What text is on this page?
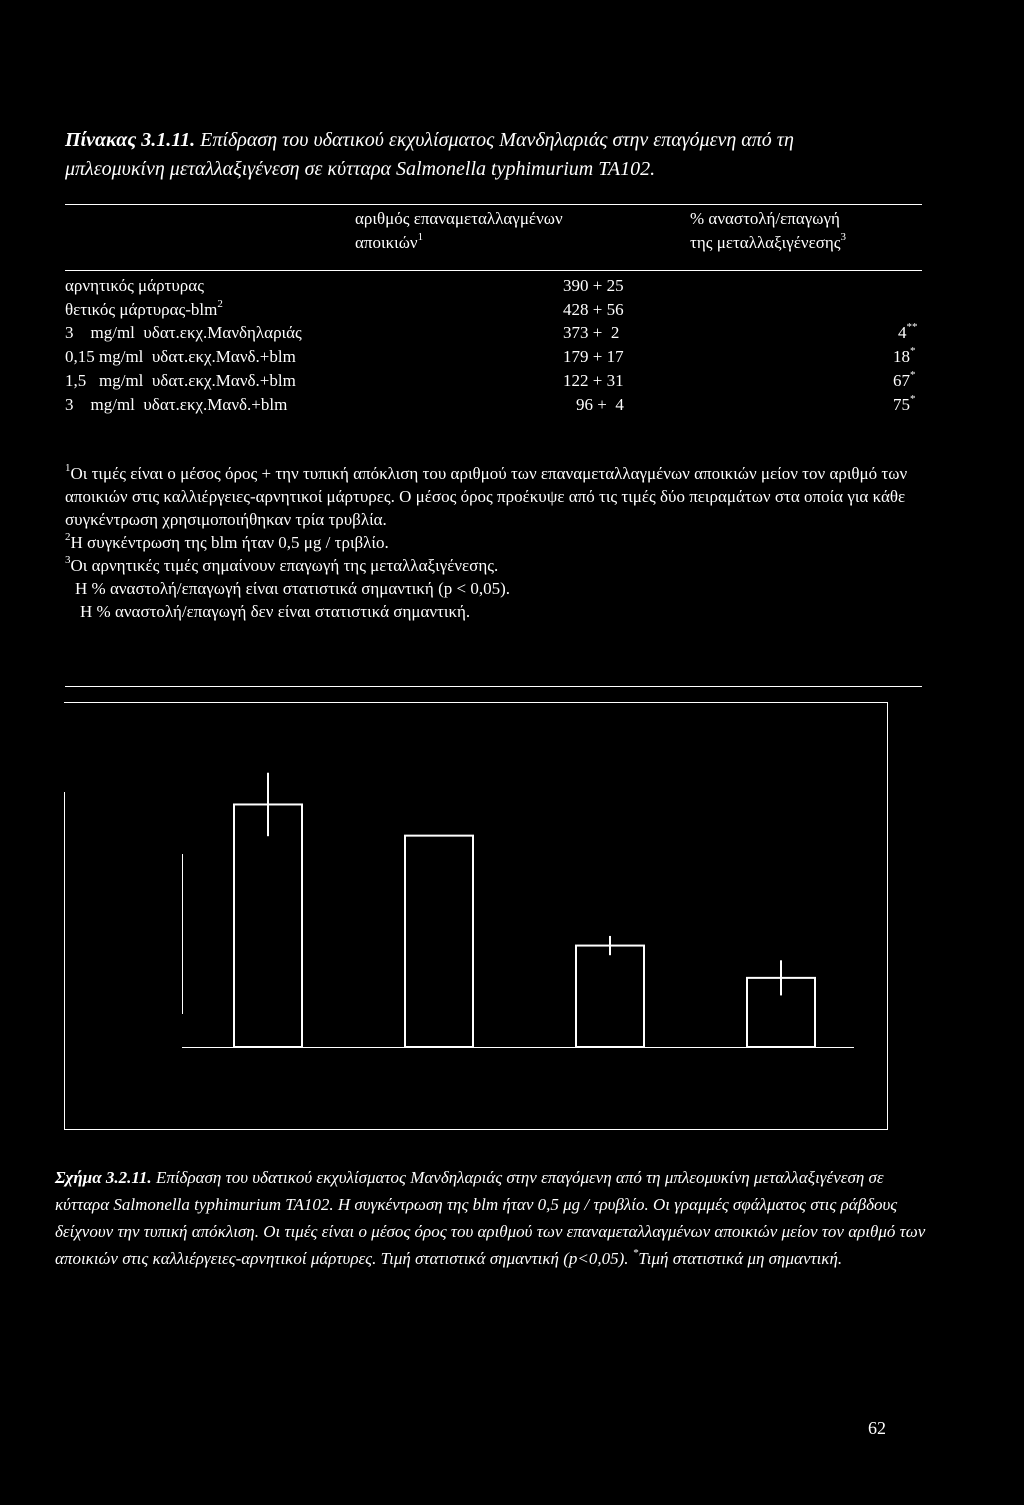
Πίνακας 3.1.11. Επίδραση του υδατικού εκχυλίσματος Μανδηλαριάς στην επαγόμενη από τη
μπλεομυκίνη μεταλλαξιγένεση σε κύτταρα Salmonella typhimurium TA102.
αριθμός επαναμεταλλαγμένων
αποικιών$^1$
% αναστολή/επαγωγή
της μεταλλαξιγένεσης$^3$
αρνητικός μάρτυρας	390 + 25
θετικός μάρτυρας-blm$^2$	428 + 56
3    mg/ml  υδατ.εκχ.Μανδηλαριάς	373 +  2	4**
0,15 mg/ml  υδατ.εκχ.Μανδ.+blm	179 + 17	18*
1,5   mg/ml  υδατ.εκχ.Μανδ.+blm	122 + 31	67*
3    mg/ml  υδατ.εκχ.Μανδ.+blm	96 +  4	75*

$^1$Οι τιμές είναι ο μέσος όρος + την τυπική απόκλιση του αριθμού των επαναμεταλλαγμένων αποικιών μείον τον αριθμό των αποικιών στις καλλιέργειες-αρνητικοί μάρτυρες. Ο μέσος όρος προέκυψε από τις τιμές δύο πειραμάτων στα οποία για κάθε συγκέντρωση χρησιμοποιήθηκαν τρία τρυβλία.

$^2$Η συγκέντρωση της blm ήταν 0,5 μg / τριβλίο.

$^3$Οι αρνητικές τιμές σημαίνουν επαγωγή της μεταλλαξιγένεσης.

Η % αναστολή/επαγωγή είναι στατιστικά σημαντική (p < 0,05).

Η % αναστολή/επαγωγή δεν είναι στατιστικά σημαντική.

Σχήμα 3.2.11. Επίδραση του υδατικού εκχυλίσματος Μανδηλαριάς στην επαγόμενη από τη μπλεομυκίνη μεταλλαξιγένεση σε κύτταρα Salmonella typhimurium TA102. Η συγκέντρωση της blm ήταν 0,5 μg / τρυβλίο. Οι γραμμές σφάλματος στις ράβδους δείχνουν την τυπική απόκλιση. Οι τιμές είναι ο μέσος όρος του αριθμού των επαναμεταλλαγμένων αποικιών μείον τον αριθμό των αποικιών στις καλλιέργειες-αρνητικοί μάρτυρες. Τιμή στατιστικά σημαντική (p<0,05). *Τιμή στατιστικά μη σημαντική.
62
